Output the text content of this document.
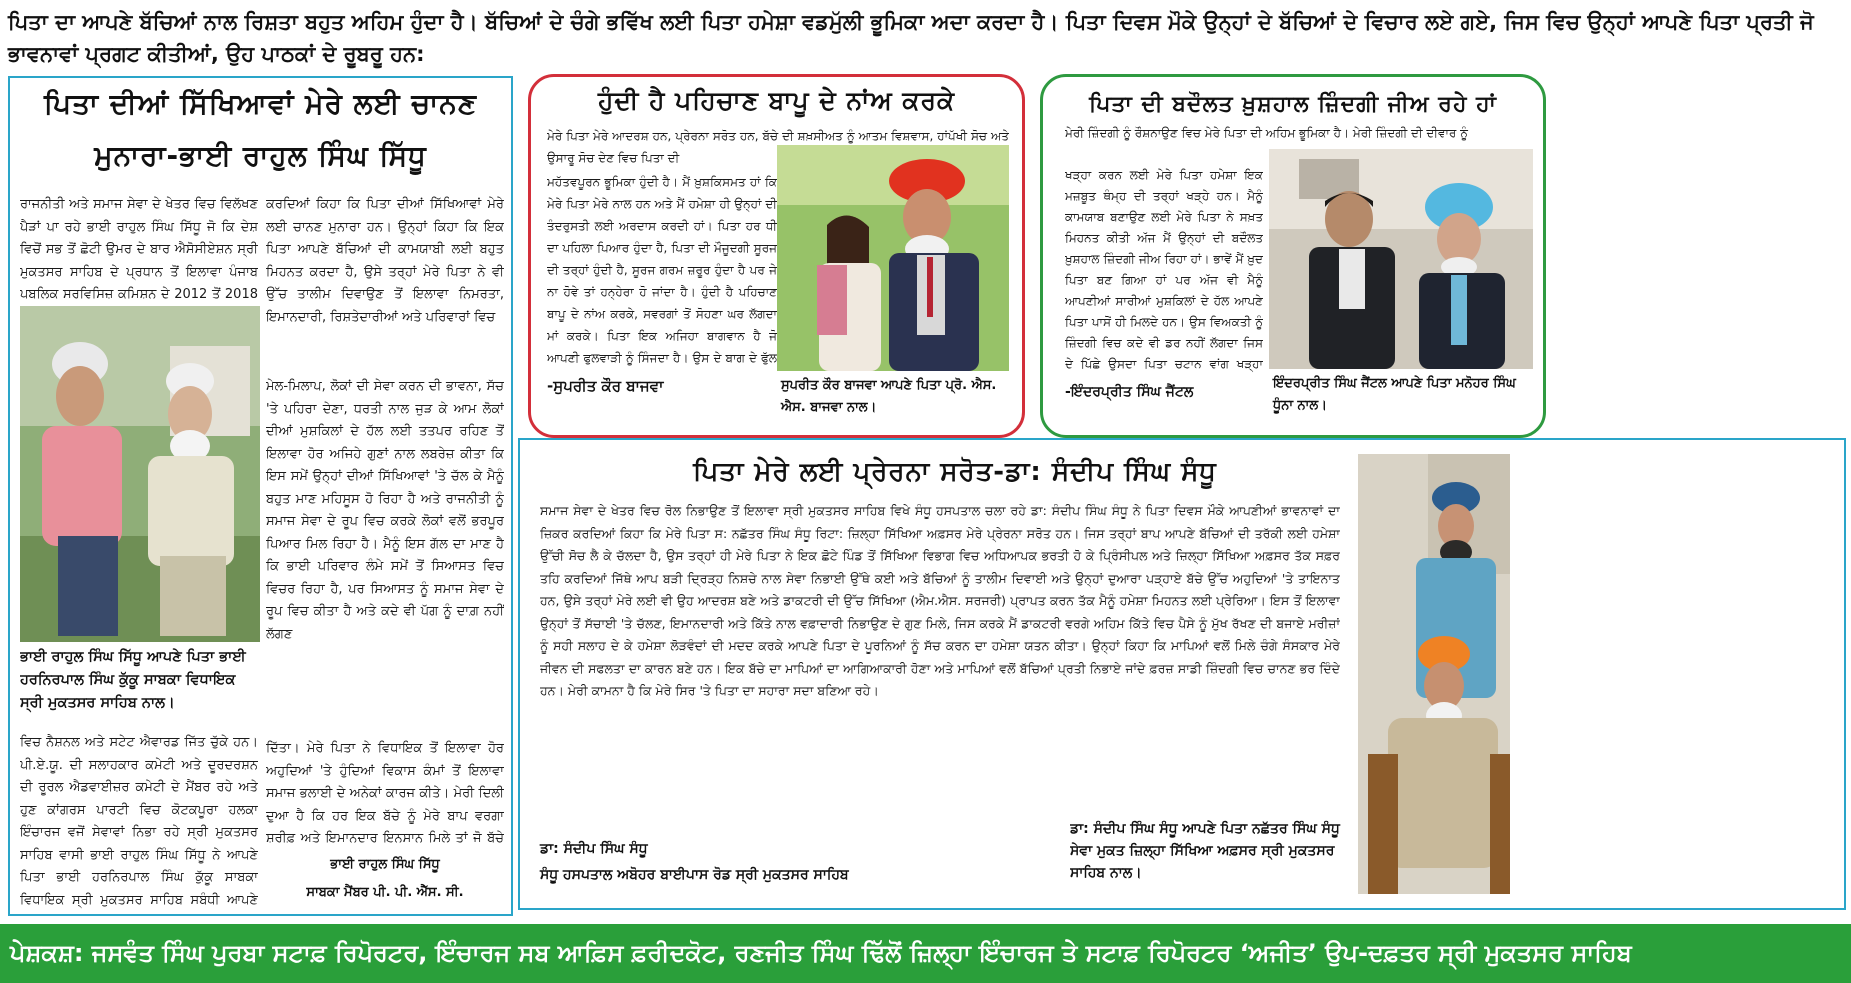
ਪਿਤਾ ਦਾ ਆਪਣੇ ਬੱਚਿਆਂ ਨਾਲ ਰਿਸ਼ਤਾ ਬਹੁਤ ਅਹਿਮ ਹੁੰਦਾ ਹੈ। ਬੱਚਿਆਂ ਦੇ ਚੰਗੇ ਭਵਿੱਖ ਲਈ ਪਿਤਾ ਹਮੇਸ਼ਾ ਵਡਮੁੱਲੀ ਭੂਮਿਕਾ ਅਦਾ ਕਰਦਾ ਹੈ। ਪਿਤਾ ਦਿਵਸ ਮੌਕੇ ਉਨ੍ਹਾਂ ਦੇ ਬੱਚਿਆਂ ਦੇ ਵਿਚਾਰ ਲਏ ਗਏ, ਜਿਸ ਵਿਚ ਉਨ੍ਹਾਂ ਆਪਣੇ ਪਿਤਾ ਪ੍ਰਤੀ ਜੋ ਭਾਵਨਾਵਾਂ ਪ੍ਰਗਟ ਕੀਤੀਆਂ, ਉਹ ਪਾਠਕਾਂ ਦੇ ਰੂਬਰੂ ਹਨ:
ਪਿਤਾ ਦੀਆਂ ਸਿੱਖਿਆਵਾਂ ਮੇਰੇ ਲਈ ਚਾਨਣ
ਮੁਨਾਰਾ-ਭਾਈ ਰਾਹੁਲ ਸਿੰਘ ਸਿੱਧੂ
ਰਾਜਨੀਤੀ ਅਤੇ ਸਮਾਜ ਸੇਵਾ ਦੇ ਖੇਤਰ ਵਿਚ ਵਿਲੱਖਣ ਪੈੜਾਂ ਪਾ ਰਹੇ ਭਾਈ ਰਾਹੁਲ ਸਿੰਘ ਸਿੱਧੂ ਜੋ ਕਿ ਦੇਸ਼ ਵਿਚੋਂ ਸਭ ਤੋਂ ਛੋਟੀ ਉਮਰ ਦੇ ਬਾਰ ਐਸੋਸੀਏਸ਼ਨ ਸ੍ਰੀ ਮੁਕਤਸਰ ਸਾਹਿਬ ਦੇ ਪ੍ਰਧਾਨ ਤੋਂ ਇਲਾਵਾ ਪੰਜਾਬ ਪਬਲਿਕ ਸਰਵਿਸਿਜ਼ ਕਮਿਸ਼ਨ ਦੇ 2012 ਤੋਂ 2018
ਕਰਦਿਆਂ ਕਿਹਾ ਕਿ ਪਿਤਾ ਦੀਆਂ ਸਿੱਖਿਆਵਾਂ ਮੇਰੇ ਲਈ ਚਾਨਣ ਮੁਨਾਰਾ ਹਨ। ਉਨ੍ਹਾਂ ਕਿਹਾ ਕਿ ਇਕ ਪਿਤਾ ਆਪਣੇ ਬੱਚਿਆਂ ਦੀ ਕਾਮਯਾਬੀ ਲਈ ਬਹੁਤ ਮਿਹਨਤ ਕਰਦਾ ਹੈ, ਉਸੇ ਤਰ੍ਹਾਂ ਮੇਰੇ ਪਿਤਾ ਨੇ ਵੀ ਉੱਚ ਤਾਲੀਮ ਦਿਵਾਉਣ ਤੋਂ ਇਲਾਵਾ ਨਿਮਰਤਾ, ਇਮਾਨਦਾਰੀ, ਰਿਸ਼ਤੇਦਾਰੀਆਂ ਅਤੇ ਪਰਿਵਾਰਾਂ ਵਿਚ
ਮੇਲ-ਮਿਲਾਪ, ਲੋਕਾਂ ਦੀ ਸੇਵਾ ਕਰਨ ਦੀ ਭਾਵਨਾ, ਸੱਚ 'ਤੇ ਪਹਿਰਾ ਦੇਣਾ, ਧਰਤੀ ਨਾਲ ਜੁੜ ਕੇ ਆਮ ਲੋਕਾਂ ਦੀਆਂ ਮੁਸ਼ਕਿਲਾਂ ਦੇ ਹੱਲ ਲਈ ਤਤਪਰ ਰਹਿਣ ਤੋਂ ਇਲਾਵਾ ਹੋਰ ਅਜਿਹੇ ਗੁਣਾਂ ਨਾਲ ਲਬਰੇਜ਼ ਕੀਤਾ ਕਿ ਇਸ ਸਮੇਂ ਉਨ੍ਹਾਂ ਦੀਆਂ ਸਿੱਖਿਆਵਾਂ 'ਤੇ ਚੱਲ ਕੇ ਮੈਨੂੰ ਬਹੁਤ ਮਾਣ ਮਹਿਸੂਸ ਹੋ ਰਿਹਾ ਹੈ ਅਤੇ ਰਾਜਨੀਤੀ ਨੂੰ ਸਮਾਜ ਸੇਵਾ ਦੇ ਰੂਪ ਵਿਚ ਕਰਕੇ ਲੋਕਾਂ ਵਲੋਂ ਭਰਪੂਰ ਪਿਆਰ ਮਿਲ ਰਿਹਾ ਹੈ। ਮੈਨੂੰ ਇਸ ਗੱਲ ਦਾ ਮਾਣ ਹੈ ਕਿ ਭਾਈ ਪਰਿਵਾਰ ਲੰਮੇ ਸਮੇਂ ਤੋਂ ਸਿਆਸਤ ਵਿਚ ਵਿਚਰ ਰਿਹਾ ਹੈ, ਪਰ ਸਿਆਸਤ ਨੂੰ ਸਮਾਜ ਸੇਵਾ ਦੇ ਰੂਪ ਵਿਚ ਕੀਤਾ ਹੈ ਅਤੇ ਕਦੇ ਵੀ ਪੱਗ ਨੂੰ ਦਾਗ਼ ਨਹੀਂ ਲੱਗਣ
ਭਾਈ ਰਾਹੁਲ ਸਿੰਘ ਸਿੱਧੂ ਆਪਣੇ ਪਿਤਾ ਭਾਈ ਹਰਨਿਰਪਾਲ ਸਿੰਘ ਕੁੱਕੂ ਸਾਬਕਾ ਵਿਧਾਇਕ ਸ੍ਰੀ ਮੁਕਤਸਰ ਸਾਹਿਬ ਨਾਲ।
ਵਿਚ ਨੈਸ਼ਨਲ ਅਤੇ ਸਟੇਟ ਐਵਾਰਡ ਜਿੱਤ ਚੁੱਕੇ ਹਨ। ਪੀ.ਏ.ਯੂ. ਦੀ ਸਲਾਹਕਾਰ ਕਮੇਟੀ ਅਤੇ ਦੂਰਦਰਸ਼ਨ ਦੀ ਰੂਰਲ ਐਡਵਾਈਜ਼ਰ ਕਮੇਟੀ ਦੇ ਮੈਂਬਰ ਰਹੇ ਅਤੇ ਹੁਣ ਕਾਂਗਰਸ ਪਾਰਟੀ ਵਿਚ ਕੋਟਕਪੂਰਾ ਹਲਕਾ ਇੰਚਾਰਜ ਵਜੋਂ ਸੇਵਾਵਾਂ ਨਿਭਾ ਰਹੇ ਸ੍ਰੀ ਮੁਕਤਸਰ ਸਾਹਿਬ ਵਾਸੀ ਭਾਈ ਰਾਹੁਲ ਸਿੰਘ ਸਿੱਧੂ ਨੇ ਆਪਣੇ ਪਿਤਾ ਭਾਈ ਹਰਨਿਰਪਾਲ ਸਿੰਘ ਕੁੱਕੂ ਸਾਬਕਾ ਵਿਧਾਇਕ ਸ੍ਰੀ ਮੁਕਤਸਰ ਸਾਹਿਬ ਸਬੰਧੀ ਆਪਣੇ
ਦਿੱਤਾ। ਮੇਰੇ ਪਿਤਾ ਨੇ ਵਿਧਾਇਕ ਤੋਂ ਇਲਾਵਾ ਹੋਰ ਅਹੁਦਿਆਂ 'ਤੇ ਹੁੰਦਿਆਂ ਵਿਕਾਸ ਕੰਮਾਂ ਤੋਂ ਇਲਾਵਾ ਸਮਾਜ ਭਲਾਈ ਦੇ ਅਨੇਕਾਂ ਕਾਰਜ ਕੀਤੇ। ਮੇਰੀ ਦਿਲੀ ਦੁਆ ਹੈ ਕਿ ਹਰ ਇਕ ਬੱਚੇ ਨੂੰ ਮੇਰੇ ਬਾਪ ਵਰਗਾ ਸ਼ਰੀਫ਼ ਅਤੇ ਇਮਾਨਦਾਰ ਇਨਸਾਨ ਮਿਲੇ ਤਾਂ ਜੋ ਬੱਚੇ
ਭਾਈ ਰਾਹੁਲ ਸਿੰਘ ਸਿੱਧੂ
ਸਾਬਕਾ ਮੈਂਬਰ ਪੀ. ਪੀ. ਐੱਸ. ਸੀ.
ਹੁੰਦੀ ਹੈ ਪਹਿਚਾਣ ਬਾਪੂ ਦੇ ਨਾਂਅ ਕਰਕੇ
ਮੇਰੇ ਪਿਤਾ ਮੇਰੇ ਆਦਰਸ਼ ਹਨ, ਪ੍ਰੇਰਨਾ ਸਰੋਤ ਹਨ, ਬੱਚੇ ਦੀ ਸ਼ਖ਼ਸੀਅਤ ਨੂੰ ਆਤਮ ਵਿਸ਼ਵਾਸ, ਹਾਂਪੱਖੀ ਸੋਚ ਅਤੇ ਉਸਾਰੂ ਸੋਚ ਦੇਣ ਵਿਚ ਪਿਤਾ ਦੀ
ਮਹੱਤਵਪੂਰਨ ਭੂਮਿਕਾ ਹੁੰਦੀ ਹੈ। ਮੈਂ ਖ਼ੁਸ਼ਕਿਸਮਤ ਹਾਂ ਕਿ ਮੇਰੇ ਪਿਤਾ ਮੇਰੇ ਨਾਲ ਹਨ ਅਤੇ ਮੈਂ ਹਮੇਸ਼ਾ ਹੀ ਉਨ੍ਹਾਂ ਦੀ ਤੰਦਰੁਸਤੀ ਲਈ ਅਰਦਾਸ ਕਰਦੀ ਹਾਂ। ਪਿਤਾ ਹਰ ਧੀ ਦਾ ਪਹਿਲਾ ਪਿਆਰ ਹੁੰਦਾ ਹੈ, ਪਿਤਾ ਦੀ ਮੌਜੂਦਗੀ ਸੂਰਜ ਦੀ ਤਰ੍ਹਾਂ ਹੁੰਦੀ ਹੈ, ਸੂਰਜ ਗਰਮ ਜ਼ਰੂਰ ਹੁੰਦਾ ਹੈ ਪਰ ਜੇ ਨਾ ਹੋਵੇ ਤਾਂ ਹਨ੍ਹੇਰਾ ਹੋ ਜਾਂਦਾ ਹੈ। ਹੁੰਦੀ ਹੈ ਪਹਿਚਾਣ ਬਾਪੂ ਦੇ ਨਾਂਅ ਕਰਕੇ, ਸਵਰਗਾਂ ਤੋਂ ਸੋਹਣਾ ਘਰ ਲੱਗਦਾ ਮਾਂ ਕਰਕੇ। ਪਿਤਾ ਇਕ ਅਜਿਹਾ ਬਾਗਵਾਨ ਹੈ ਜੋ ਆਪਣੀ ਫੁਲਵਾੜੀ ਨੂੰ ਸਿੰਜਦਾ ਹੈ। ਉਸ ਦੇ ਬਾਗ ਦੇ ਫੁੱਲ
-ਸੁਪਰੀਤ ਕੌਰ ਬਾਜਵਾ	ਸੁਪਰੀਤ ਕੌਰ ਬਾਜਵਾ ਆਪਣੇ ਪਿਤਾ ਪ੍ਰੋ. ਐਸ. ਐਸ. ਬਾਜਵਾ ਨਾਲ।
ਪਿਤਾ ਦੀ ਬਦੌਲਤ ਖ਼ੁਸ਼ਹਾਲ ਜ਼ਿੰਦਗੀ ਜੀਅ ਰਹੇ ਹਾਂ
ਮੇਰੀ ਜ਼ਿੰਦਗੀ ਨੂੰ ਰੌਸ਼ਨਾਉਣ ਵਿਚ ਮੇਰੇ ਪਿਤਾ ਦੀ ਅਹਿਮ ਭੂਮਿਕਾ ਹੈ। ਮੇਰੀ ਜ਼ਿੰਦਗੀ ਦੀ ਦੀਵਾਰ ਨੂੰ
ਖੜ੍ਹਾ ਕਰਨ ਲਈ ਮੇਰੇ ਪਿਤਾ ਹਮੇਸ਼ਾ ਇਕ ਮਜ਼ਬੂਤ ਥੰਮ੍ਹ ਦੀ ਤਰ੍ਹਾਂ ਖੜ੍ਹੇ ਹਨ। ਮੈਨੂੰ ਕਾਮਯਾਬ ਬਣਾਉਣ ਲਈ ਮੇਰੇ ਪਿਤਾ ਨੇ ਸਖ਼ਤ ਮਿਹਨਤ ਕੀਤੀ ਅੱਜ ਮੈਂ ਉਨ੍ਹਾਂ ਦੀ ਬਦੌਲਤ ਖ਼ੁਸ਼ਹਾਲ ਜ਼ਿੰਦਗੀ ਜੀਅ ਰਿਹਾ ਹਾਂ। ਭਾਵੇਂ ਮੈਂ ਖ਼ੁਦ ਪਿਤਾ ਬਣ ਗਿਆ ਹਾਂ ਪਰ ਅੱਜ ਵੀ ਮੈਨੂੰ ਆਪਣੀਆਂ ਸਾਰੀਆਂ ਮੁਸ਼ਕਿਲਾਂ ਦੇ ਹੱਲ ਆਪਣੇ ਪਿਤਾ ਪਾਸੋਂ ਹੀ ਮਿਲਦੇ ਹਨ। ਉਸ ਵਿਅਕਤੀ ਨੂੰ ਜ਼ਿੰਦਗੀ ਵਿਚ ਕਦੇ ਵੀ ਡਰ ਨਹੀਂ ਲੱਗਦਾ ਜਿਸ ਦੇ ਪਿੱਛੇ ਉਸਦਾ ਪਿਤਾ ਚਟਾਨ ਵਾਂਗ ਖੜ੍ਹਾ
-ਇੰਦਰਪ੍ਰੀਤ ਸਿੰਘ ਜੈਂਟਲ
ਇੰਦਰਪ੍ਰੀਤ ਸਿੰਘ ਜੈਂਟਲ ਆਪਣੇ ਪਿਤਾ ਮਨੋਹਰ ਸਿੰਘ ਧੂੰਨਾ ਨਾਲ।
ਪਿਤਾ ਮੇਰੇ ਲਈ ਪ੍ਰੇਰਨਾ ਸਰੋਤ-ਡਾ: ਸੰਦੀਪ ਸਿੰਘ ਸੰਧੂ
ਸਮਾਜ ਸੇਵਾ ਦੇ ਖੇਤਰ ਵਿਚ ਰੋਲ ਨਿਭਾਉਣ ਤੋਂ ਇਲਾਵਾ ਸ੍ਰੀ ਮੁਕਤਸਰ ਸਾਹਿਬ ਵਿਖੇ ਸੰਧੂ ਹਸਪਤਾਲ ਚਲਾ ਰਹੇ ਡਾ: ਸੰਦੀਪ ਸਿੰਘ ਸੰਧੂ ਨੇ ਪਿਤਾ ਦਿਵਸ ਮੌਕੇ ਆਪਣੀਆਂ ਭਾਵਨਾਵਾਂ ਦਾ ਜ਼ਿਕਰ ਕਰਦਿਆਂ ਕਿਹਾ ਕਿ ਮੇਰੇ ਪਿਤਾ ਸ: ਨਛੱਤਰ ਸਿੰਘ ਸੰਧੂ ਰਿਟਾ: ਜ਼ਿਲ੍ਹਾ ਸਿੱਖਿਆ ਅਫ਼ਸਰ ਮੇਰੇ ਪ੍ਰੇਰਨਾ ਸਰੋਤ ਹਨ। ਜਿਸ ਤਰ੍ਹਾਂ ਬਾਪ ਆਪਣੇ ਬੱਚਿਆਂ ਦੀ ਤਰੱਕੀ ਲਈ ਹਮੇਸ਼ਾ ਉੱਚੀ ਸੋਚ ਲੈ ਕੇ ਚੱਲਦਾ ਹੈ, ਉਸ ਤਰ੍ਹਾਂ ਹੀ ਮੇਰੇ ਪਿਤਾ ਨੇ ਇਕ ਛੋਟੇ ਪਿੰਡ ਤੋਂ ਸਿੱਖਿਆ ਵਿਭਾਗ ਵਿਚ ਅਧਿਆਪਕ ਭਰਤੀ ਹੋ ਕੇ ਪ੍ਰਿੰਸੀਪਲ ਅਤੇ ਜ਼ਿਲ੍ਹਾ ਸਿੱਖਿਆ ਅਫ਼ਸਰ ਤੱਕ ਸਫ਼ਰ ਤਹਿ ਕਰਦਿਆਂ ਜਿੱਥੇ ਆਪ ਬੜੀ ਦ੍ਰਿੜ੍ਹ ਨਿਸ਼ਚੇ ਨਾਲ ਸੇਵਾ ਨਿਭਾਈ ਉੱਥੇ ਕਈ ਅਤੇ ਬੱਚਿਆਂ ਨੂੰ ਤਾਲੀਮ ਦਿਵਾਈ ਅਤੇ ਉਨ੍ਹਾਂ ਦੁਆਰਾ ਪੜ੍ਹਾਏ ਬੱਚੇ ਉੱਚ ਅਹੁਦਿਆਂ 'ਤੇ ਤਾਇਨਾਤ ਹਨ, ਉਸੇ ਤਰ੍ਹਾਂ ਮੇਰੇ ਲਈ ਵੀ ਉਹ ਆਦਰਸ਼ ਬਣੇ ਅਤੇ ਡਾਕਟਰੀ ਦੀ ਉੱਚ ਸਿੱਖਿਆ (ਐਮ.ਐਸ. ਸਰਜਰੀ) ਪ੍ਰਾਪਤ ਕਰਨ ਤੱਕ ਮੈਨੂੰ ਹਮੇਸ਼ਾ ਮਿਹਨਤ ਲਈ ਪ੍ਰੇਰਿਆ। ਇਸ ਤੋਂ ਇਲਾਵਾ ਉਨ੍ਹਾਂ ਤੋਂ ਸੱਚਾਈ 'ਤੇ ਚੱਲਣ, ਇਮਾਨਦਾਰੀ ਅਤੇ ਕਿੱਤੇ ਨਾਲ ਵਫ਼ਾਦਾਰੀ ਨਿਭਾਉਣ ਦੇ ਗੁਣ ਮਿਲੇ, ਜਿਸ ਕਰਕੇ ਮੈਂ ਡਾਕਟਰੀ ਵਰਗੇ ਅਹਿਮ ਕਿੱਤੇ ਵਿਚ ਪੈਸੇ ਨੂੰ ਮੁੱਖ ਰੱਖਣ ਦੀ ਬਜਾਏ ਮਰੀਜ਼ਾਂ ਨੂੰ ਸਹੀ ਸਲਾਹ ਦੇ ਕੇ ਹਮੇਸ਼ਾ ਲੋੜਵੰਦਾਂ ਦੀ ਮਦਦ ਕਰਕੇ ਆਪਣੇ ਪਿਤਾ ਦੇ ਪੂਰਨਿਆਂ ਨੂੰ ਸੱਚ ਕਰਨ ਦਾ ਹਮੇਸ਼ਾ ਯਤਨ ਕੀਤਾ। ਉਨ੍ਹਾਂ ਕਿਹਾ ਕਿ ਮਾਪਿਆਂ ਵਲੋਂ ਮਿਲੇ ਚੰਗੇ ਸੰਸਕਾਰ ਮੇਰੇ ਜੀਵਨ ਦੀ ਸਫਲਤਾ ਦਾ ਕਾਰਨ ਬਣੇ ਹਨ। ਇਕ ਬੱਚੇ ਦਾ ਮਾਪਿਆਂ ਦਾ ਆਗਿਆਕਾਰੀ ਹੋਣਾ ਅਤੇ ਮਾਪਿਆਂ ਵਲੋਂ ਬੱਚਿਆਂ ਪ੍ਰਤੀ ਨਿਭਾਏ ਜਾਂਦੇ ਫ਼ਰਜ਼ ਸਾਡੀ ਜ਼ਿੰਦਗੀ ਵਿਚ ਚਾਨਣ ਭਰ ਦਿੰਦੇ ਹਨ। ਮੇਰੀ ਕਾਮਨਾ ਹੈ ਕਿ ਮੇਰੇ ਸਿਰ 'ਤੇ ਪਿਤਾ ਦਾ ਸਹਾਰਾ ਸਦਾ ਬਣਿਆ ਰਹੇ।
ਡਾ: ਸੰਦੀਪ ਸਿੰਘ ਸੰਧੂ
ਸੰਧੂ ਹਸਪਤਾਲ ਅਬੋਹਰ ਬਾਈਪਾਸ ਰੋਡ ਸ੍ਰੀ ਮੁਕਤਸਰ ਸਾਹਿਬ
ਡਾ: ਸੰਦੀਪ ਸਿੰਘ ਸੰਧੂ ਆਪਣੇ ਪਿਤਾ ਨਛੱਤਰ ਸਿੰਘ ਸੰਧੂ ਸੇਵਾ ਮੁਕਤ ਜ਼ਿਲ੍ਹਾ ਸਿੱਖਿਆ ਅਫ਼ਸਰ ਸ੍ਰੀ ਮੁਕਤਸਰ ਸਾਹਿਬ ਨਾਲ।
ਪੇਸ਼ਕਸ਼: ਜਸਵੰਤ ਸਿੰਘ ਪੁਰਬਾ ਸਟਾਫ਼ ਰਿਪੋਰਟਰ, ਇੰਚਾਰਜ ਸਬ ਆਫ਼ਿਸ ਫ਼ਰੀਦਕੋਟ, ਰਣਜੀਤ ਸਿੰਘ ਢਿੱਲੋਂ ਜ਼ਿਲ੍ਹਾ ਇੰਚਾਰਜ ਤੇ ਸਟਾਫ਼ ਰਿਪੋਰਟਰ ‘ਅਜੀਤ’ ਉਪ-ਦਫ਼ਤਰ ਸ੍ਰੀ ਮੁਕਤਸਰ ਸਾਹਿਬ
